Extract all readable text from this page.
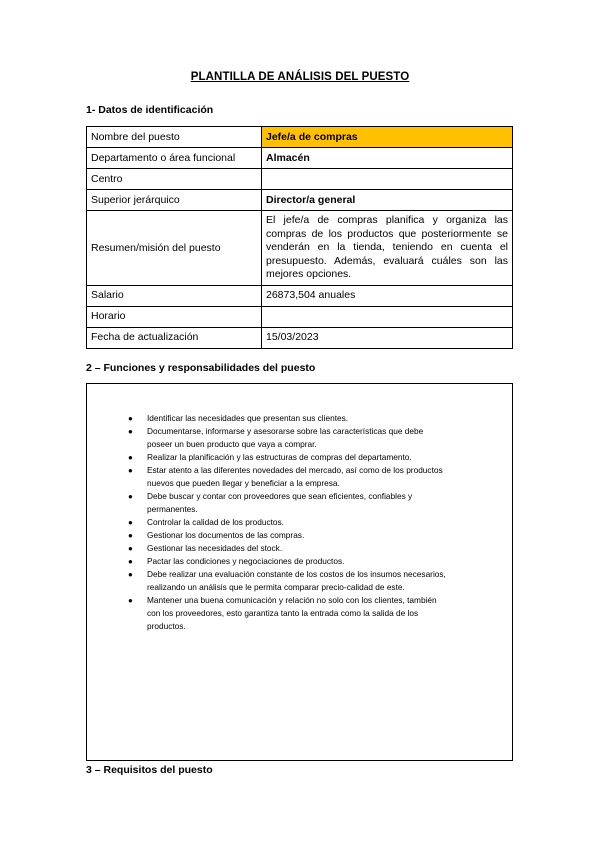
PLANTILLA DE ANÁLISIS DEL PUESTO
1- Datos de identificación
Nombre del puesto	Jefe/a de compras
Departamento o área funcional	Almacén
Centro	
Superior jerárquico	Director/a general
Resumen/misión del puesto	El jefe/a de compras planifica y organiza las compras de los productos que posteriormente se venderán en la tienda, teniendo en cuenta el presupuesto. Además, evaluará cuáles son las mejores opciones.
Salario	26873,504 anuales
Horario	
Fecha de actualización	15/03/2023
2 – Funciones y responsabilidades del puesto
● Identificar las necesidades que presentan sus clientes.
● Documentarse, informarse y asesorarse sobre las características que debe poseer un buen producto que vaya a comprar.
● Realizar la planificación y las estructuras de compras del departamento.
● Estar atento a las diferentes novedades del mercado, así como de los productos nuevos que pueden llegar y beneficiar a la empresa.
● Debe buscar y contar con proveedores que sean eficientes, confiables y permanentes.
● Controlar la calidad de los productos.
● Gestionar los documentos de las compras.
● Gestionar las necesidades del stock.
● Pactar las condiciones y negociaciones de productos.
● Debe realizar una evaluación constante de los costos de los insumos necesarios, realizando un análisis que le permita comparar precio-calidad de este.
● Mantener una buena comunicación y relación no solo con los clientes, también con los proveedores, esto garantiza tanto la entrada como la salida de los productos.
3 – Requisitos del puesto
